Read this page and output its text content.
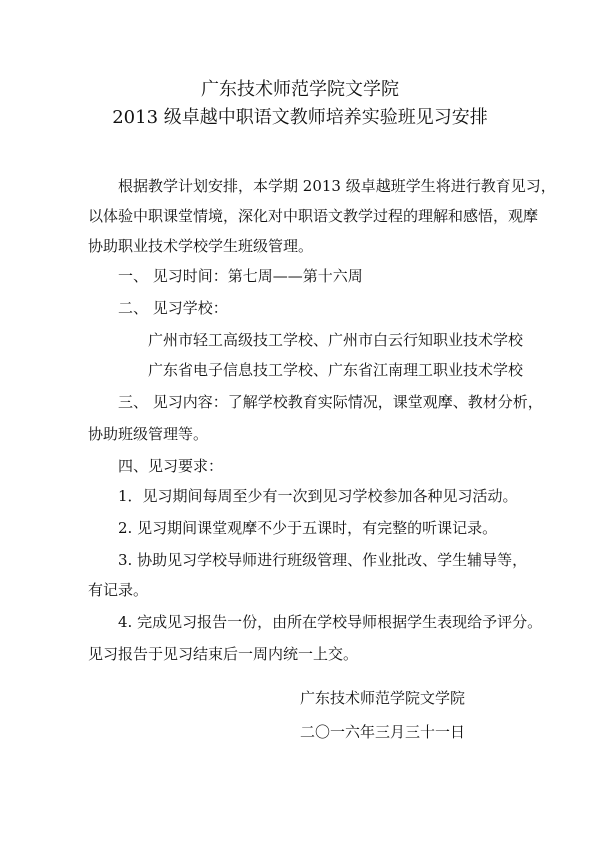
广东技术师范学院文学院
2013 级卓越中职语文教师培养实验班见习安排
根据教学计划安排，本学期 2013 级卓越班学生将进行教育见习，
以体验中职课堂情境，深化对中职语文教学过程的理解和感悟，观摩
协助职业技术学校学生班级管理。
一、 见习时间：第七周——第十六周
二、 见习学校：
广州市轻工高级技工学校、广州市白云行知职业技术学校
广东省电子信息技工学校、广东省江南理工职业技术学校
三、 见习内容：了解学校教育实际情况，课堂观摩、教材分析，
协助班级管理等。
四、见习要求：
1．见习期间每周至少有一次到见习学校参加各种见习活动。
2. 见习期间课堂观摩不少于五课时，有完整的听课记录。
3. 协助见习学校导师进行班级管理、作业批改、学生辅导等，
有记录。
4. 完成见习报告一份，由所在学校导师根据学生表现给予评分。
见习报告于见习结束后一周内统一上交。
广东技术师范学院文学院
二〇一六年三月三十一日
